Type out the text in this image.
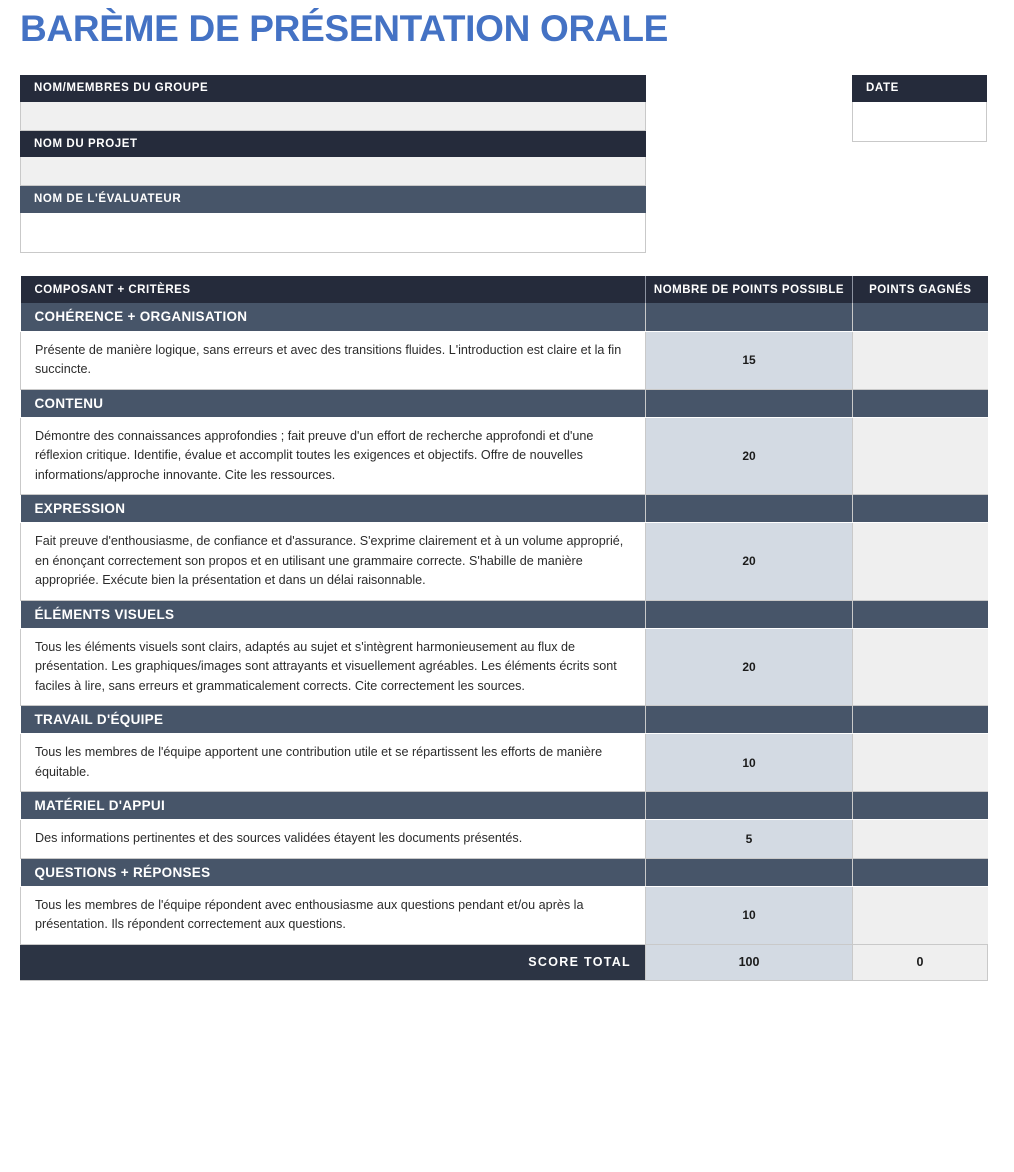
BARÈME DE PRÉSENTATION ORALE
NOM/MEMBRES DU GROUPE
NOM DU PROJET
NOM DE L'ÉVALUATEUR
DATE
COMPOSANT + CRITÈRES	NOMBRE DE POINTS POSSIBLE	POINTS GAGNÉS
COHÉRENCE + ORGANISATION		
Présente de manière logique, sans erreurs et avec des transitions fluides. L'introduction est claire et la fin succincte.	15	
CONTENU		
Démontre des connaissances approfondies ; fait preuve d'un effort de recherche approfondi et d'une réflexion critique. Identifie, évalue et accomplit toutes les exigences et objectifs. Offre de nouvelles informations/approche innovante. Cite les ressources.	20	
EXPRESSION		
Fait preuve d'enthousiasme, de confiance et d'assurance. S'exprime clairement et à un volume approprié, en énonçant correctement son propos et en utilisant une grammaire correcte. S'habille de manière appropriée. Exécute bien la présentation et dans un délai raisonnable.	20	
ÉLÉMENTS VISUELS		
Tous les éléments visuels sont clairs, adaptés au sujet et s'intègrent harmonieusement au flux de présentation. Les graphiques/images sont attrayants et visuellement agréables. Les éléments écrits sont faciles à lire, sans erreurs et grammaticalement corrects. Cite correctement les sources.	20	
TRAVAIL D'ÉQUIPE		
Tous les membres de l'équipe apportent une contribution utile et se répartissent les efforts de manière équitable.	10	
MATÉRIEL D'APPUI		
Des informations pertinentes et des sources validées étayent les documents présentés.	5	
QUESTIONS + RÉPONSES		
Tous les membres de l'équipe répondent avec enthousiasme aux questions pendant et/ou après la présentation. Ils répondent correctement aux questions.	10	
SCORE TOTAL	100	0
